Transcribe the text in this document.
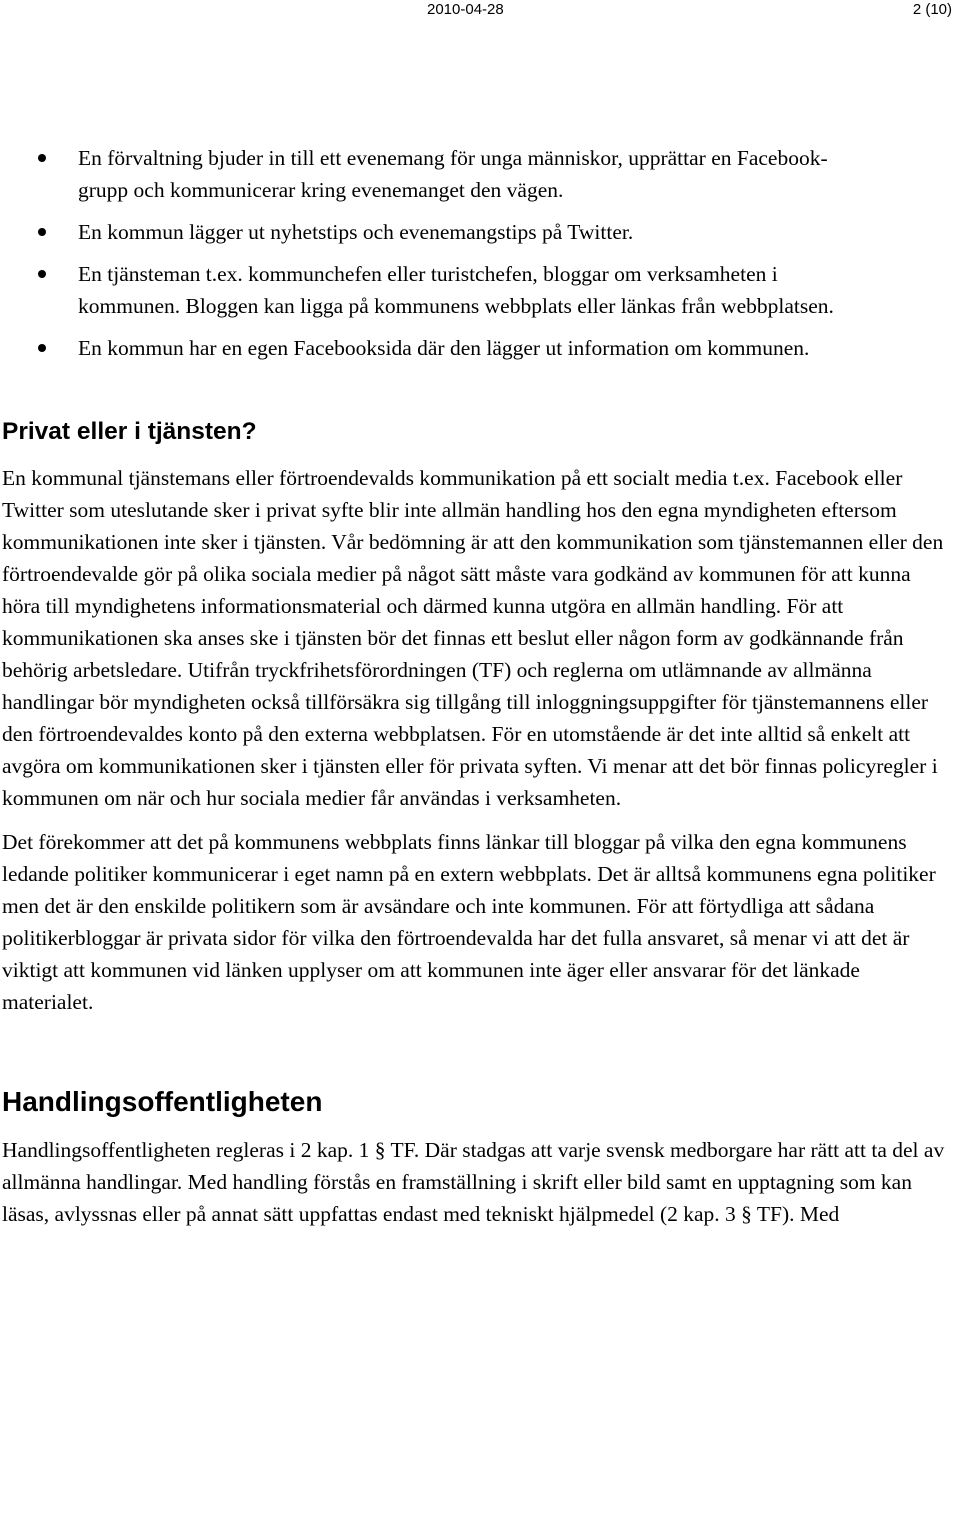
2010-04-28	2 (10)
En förvaltning bjuder in till ett evenemang för unga människor, upprättar en Facebook-grupp och kommunicerar kring evenemanget den vägen.
En kommun lägger ut nyhetstips och evenemangstips på Twitter.
En tjänsteman t.ex. kommunchefen eller turistchefen, bloggar om verksamheten i kommunen. Bloggen kan ligga på kommunens webbplats eller länkas från webbplatsen.
En kommun har en egen Facebooksida där den lägger ut information om kommunen.
Privat eller i tjänsten?

En kommunal tjänstemans eller förtroendevalds kommunikation på ett socialt media t.ex. Facebook eller Twitter som uteslutande sker i privat syfte blir inte allmän handling hos den egna myndigheten eftersom kommunikationen inte sker i tjänsten. Vår bedömning är att den kommunikation som tjänstemannen eller den förtroendevalde gör på olika sociala medier på något sätt måste vara godkänd av kommunen för att kunna höra till myndighetens informationsmaterial och därmed kunna utgöra en allmän handling. För att kommunikationen ska anses ske i tjänsten bör det finnas ett beslut eller någon form av godkännande från behörig arbetsledare. Utifrån tryckfrihetsförordningen (TF) och reglerna om utlämnande av allmänna handlingar bör myndigheten också tillförsäkra sig tillgång till inloggningsuppgifter för tjänstemannens eller den förtroendevaldes konto på den externa webbplatsen. För en utomstående är det inte alltid så enkelt att avgöra om kommunikationen sker i tjänsten eller för privata syften. Vi menar att det bör finnas policyregler i kommunen om när och hur sociala medier får användas i verksamheten.

Det förekommer att det på kommunens webbplats finns länkar till bloggar på vilka den egna kommunens ledande politiker kommunicerar i eget namn på en extern webbplats. Det är alltså kommunens egna politiker men det är den enskilde politikern som är avsändare och inte kommunen. För att förtydliga att sådana politikerbloggar är privata sidor för vilka den förtroendevalda har det fulla ansvaret, så menar vi att det är viktigt att kommunen vid länken upplyser om att kommunen inte äger eller ansvarar för det länkade materialet.

Handlingsoffentligheten

Handlingsoffentligheten regleras i 2 kap. 1 § TF. Där stadgas att varje svensk medborgare har rätt att ta del av allmänna handlingar. Med handling förstås en framställning i skrift eller bild samt en upptagning som kan läsas, avlyssnas eller på annat sätt uppfattas endast med tekniskt hjälpmedel (2 kap. 3 § TF). Med
